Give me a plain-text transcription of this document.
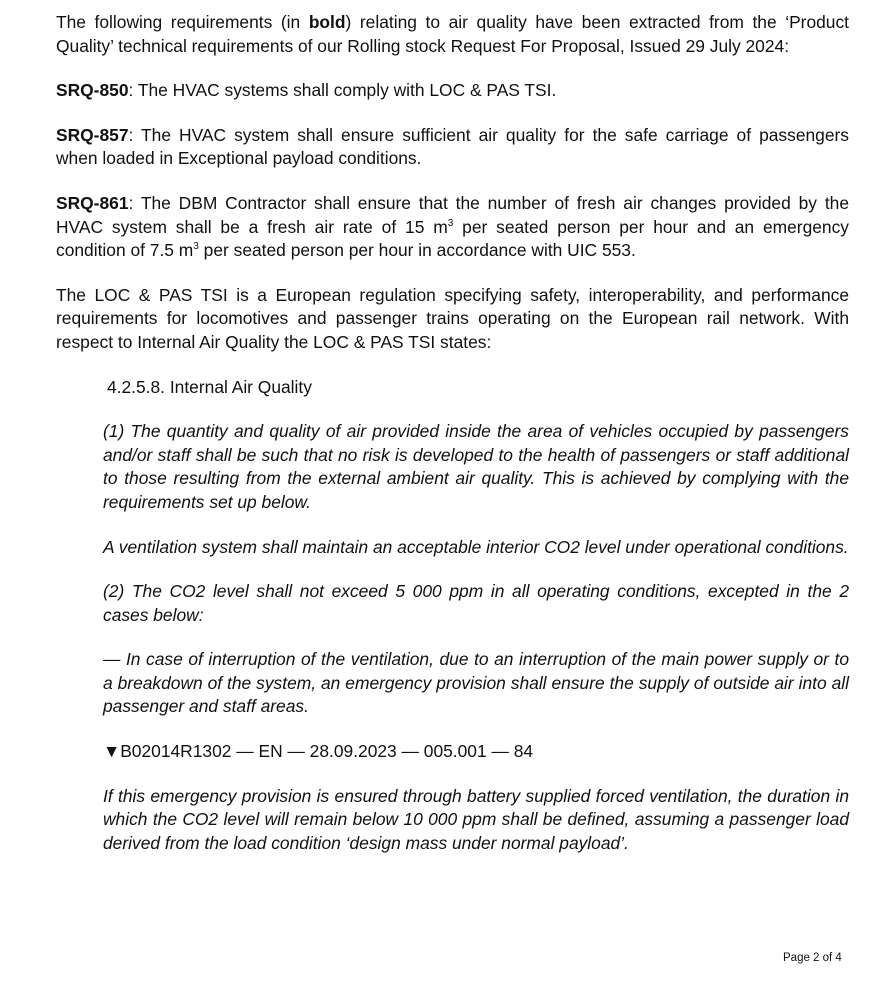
The following requirements (in bold) relating to air quality have been extracted from the ‘Product Quality’ technical requirements of our Rolling stock Request For Proposal, Issued 29 July 2024:

SRQ-850: The HVAC systems shall comply with LOC & PAS TSI.

SRQ-857: The HVAC system shall ensure sufficient air quality for the safe carriage of passengers when loaded in Exceptional payload conditions.

SRQ-861: The DBM Contractor shall ensure that the number of fresh air changes provided by the HVAC system shall be a fresh air rate of 15 $m^3$ per seated person per hour and an emergency condition of 7.5 $m^3$ per seated person per hour in accordance with UIC 553.

The LOC & PAS TSI is a European regulation specifying safety, interoperability, and performance requirements for locomotives and passenger trains operating on the European rail network. With respect to Internal Air Quality the LOC & PAS TSI states:

4.2.5.8. Internal Air Quality

(1) The quantity and quality of air provided inside the area of vehicles occupied by passengers and/or staff shall be such that no risk is developed to the health of passengers or staff additional to those resulting from the external ambient air quality. This is achieved by complying with the requirements set up below.

A ventilation system shall maintain an acceptable interior CO2 level under operational conditions.

(2) The CO2 level shall not exceed 5 000 ppm in all operating conditions, excepted in the 2 cases below:

— In case of interruption of the ventilation, due to an interruption of the main power supply or to a breakdown of the system, an emergency provision shall ensure the supply of outside air into all passenger and staff areas.

▼B02014R1302 — EN — 28.09.2023 — 005.001 — 84

If this emergency provision is ensured through battery supplied forced ventilation, the duration in which the CO2 level will remain below 10 000 ppm shall be defined, assuming a passenger load derived from the load condition ‘design mass under normal payload’.

Page 2 of 4
